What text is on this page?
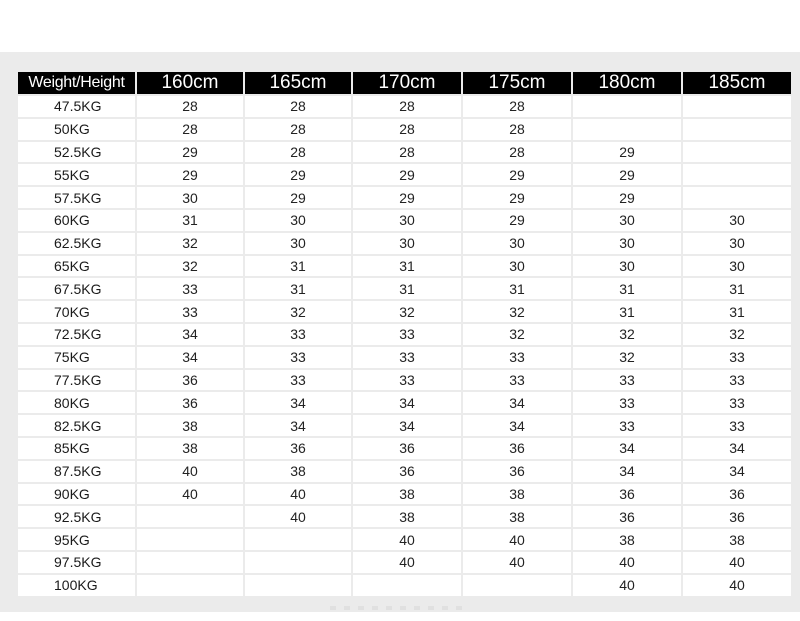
Weight/Height	160cm	165cm	170cm	175cm	180cm	185cm
47.5KG	28	28	28	28		
50KG	28	28	28	28		
52.5KG	29	28	28	28	29	
55KG	29	29	29	29	29	
57.5KG	30	29	29	29	29	
60KG	31	30	30	29	30	30
62.5KG	32	30	30	30	30	30
65KG	32	31	31	30	30	30
67.5KG	33	31	31	31	31	31
70KG	33	32	32	32	31	31
72.5KG	34	33	33	32	32	32
75KG	34	33	33	33	32	33
77.5KG	36	33	33	33	33	33
80KG	36	34	34	34	33	33
82.5KG	38	34	34	34	33	33
85KG	38	36	36	36	34	34
87.5KG	40	38	36	36	34	34
90KG	40	40	38	38	36	36
92.5KG		40	38	38	36	36
95KG			40	40	38	38
97.5KG			40	40	40	40
100KG					40	40
